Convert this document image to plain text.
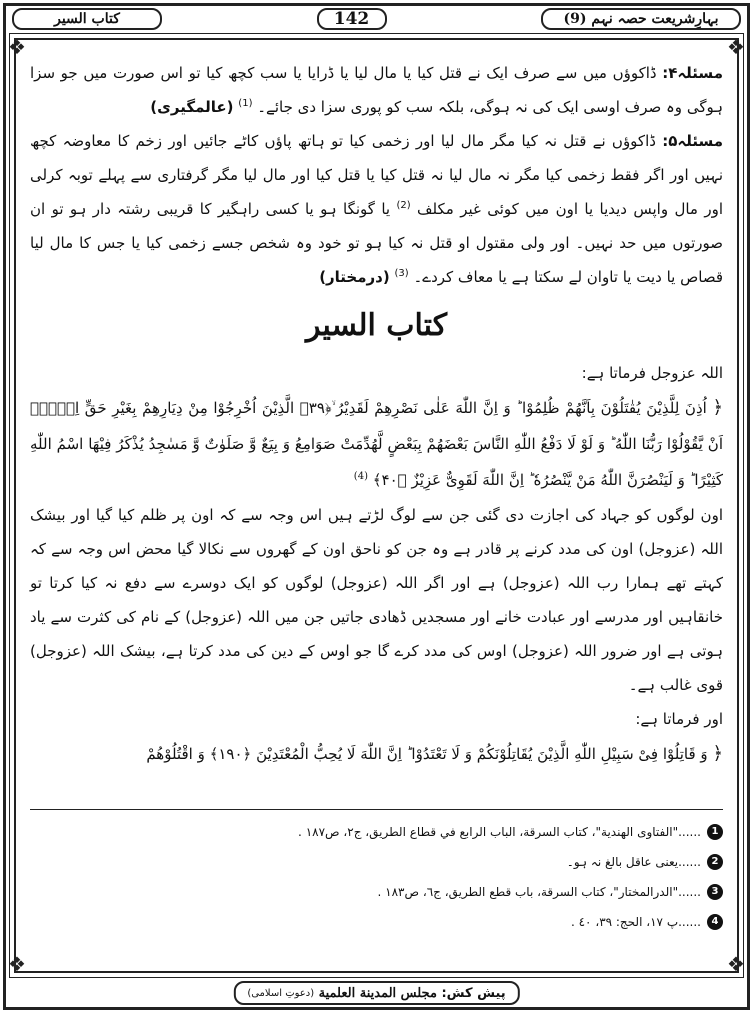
❖	❖
❖	❖
کتاب السیر	142	بہارِشریعت حصہ نہم (9)

مسئلہ۴: ڈاکوؤں میں سے صرف ایک نے قتل کیا یا مال لیا یا ڈرایا یا سب کچھ کیا تو اس صورت میں جو سزا ہوگی وہ صرف اوسی ایک کی نہ ہوگی، بلکہ سب کو پوری سزا دی جائے۔ $^{(1)}$ (عالمگیری)

مسئلہ۵: ڈاکوؤں نے قتل نہ کیا مگر مال لیا اور زخمی کیا تو ہاتھ پاؤں کاٹے جائیں اور زخم کا معاوضہ کچھ نہیں اور اگر فقط زخمی کیا مگر نہ مال لیا نہ قتل کیا یا قتل کیا اور مال لیا مگر گرفتاری سے پہلے توبہ کرلی اور مال واپس دیدیا یا اون میں کوئی غیر مکلف $^{(2)}$ یا گونگا ہو یا کسی راہگیر کا قریبی رشتہ دار ہو تو ان صورتوں میں حد نہیں۔ اور ولی مقتول او قتل نہ کیا ہو تو خود وہ شخص جسے زخمی کیا یا جس کا مال لیا قصاص یا دیت یا تاوان لے سکتا ہے یا معاف کردے۔ $^{(3)}$ (درمختار)

کتاب السیر

اللہ عزوجل فرماتا ہے:

﴿ اُذِنَ لِلَّذِیْنَ یُقٰتَلُوْنَ بِاَنَّهُمْ ظُلِمُوْا ؕ وَ اِنَّ اللّٰهَ عَلٰى نَصْرِهِمْ لَقَدِیْرُ ۙ﴿۳۹﴾ الَّذِیْنَ اُخْرِجُوْا مِنْ دِیَارِهِمْ بِغَیْرِ حَقٍّ اِلَّاۤ اَنْ یَّقُوْلُوْا رَبُّنَا اللّٰهُ ؕ وَ لَوْ لَا دَفْعُ اللّٰهِ النَّاسَ بَعْضَهُمْ بِبَعْضٍ لَّهُدِّمَتْ صَوَامِعُ وَ بِیَعٌ وَّ صَلَوٰتٌ وَّ مَسٰجِدُ یُذْكَرُ فِیْهَا اسْمُ اللّٰهِ كَثِیْرًا ؕ وَ لَیَنْصُرَنَّ اللّٰهُ مَنْ یَّنْصُرُهٗ ؕ اِنَّ اللّٰهَ لَقَوِیٌّ عَزِیْزٌ ﴿۴۰﴾ $^{(4)}$

اون لوگوں کو جہاد کی اجازت دی گئی جن سے لوگ لڑتے ہیں اس وجہ سے کہ اون پر ظلم کیا گیا اور بیشک اللہ (عزوجل) اون کی مدد کرنے پر قادر ہے وہ جن کو ناحق اون کے گھروں سے نکالا گیا محض اس وجہ سے کہ کہتے تھے ہمارا رب اللہ (عزوجل) ہے اور اگر اللہ (عزوجل) لوگوں کو ایک دوسرے سے دفع نہ کیا کرتا تو خانقاہیں اور مدرسے اور عبادت خانے اور مسجدیں ڈھادی جاتیں جن میں اللہ (عزوجل) کے نام کی کثرت سے یاد ہوتی ہے اور ضرور اللہ (عزوجل) اوس کی مدد کرے گا جو اوس کے دین کی مدد کرتا ہے، بیشک اللہ (عزوجل) قوی غالب ہے۔

اور فرماتا ہے:

﴿ وَ قَاتِلُوْا فِیْ سَبِیْلِ اللّٰهِ الَّذِیْنَ یُقَاتِلُوْنَكُمْ وَ لَا تَعْتَدُوْا ؕ اِنَّ اللّٰهَ لَا یُحِبُّ الْمُعْتَدِیْنَ ﴿۱۹۰﴾ وَ اقْتُلُوْهُمْ

1
......"الفتاوى الهندية"، كتاب السرقة، الباب الرابع في قطاع الطريق، ج٢، ص١٨٧ .
2
......یعنی عاقل بالغ نہ ہو۔
3
......"الدرالمختار"، كتاب السرقة، باب قطع الطريق، ج٦، ص١٨٣ .
4
......پ ١٧، الحج: ٣٩، ٤٠ .
پیش کش:

مجلس المدينة العلمية

(دعوتِ اسلامی)
